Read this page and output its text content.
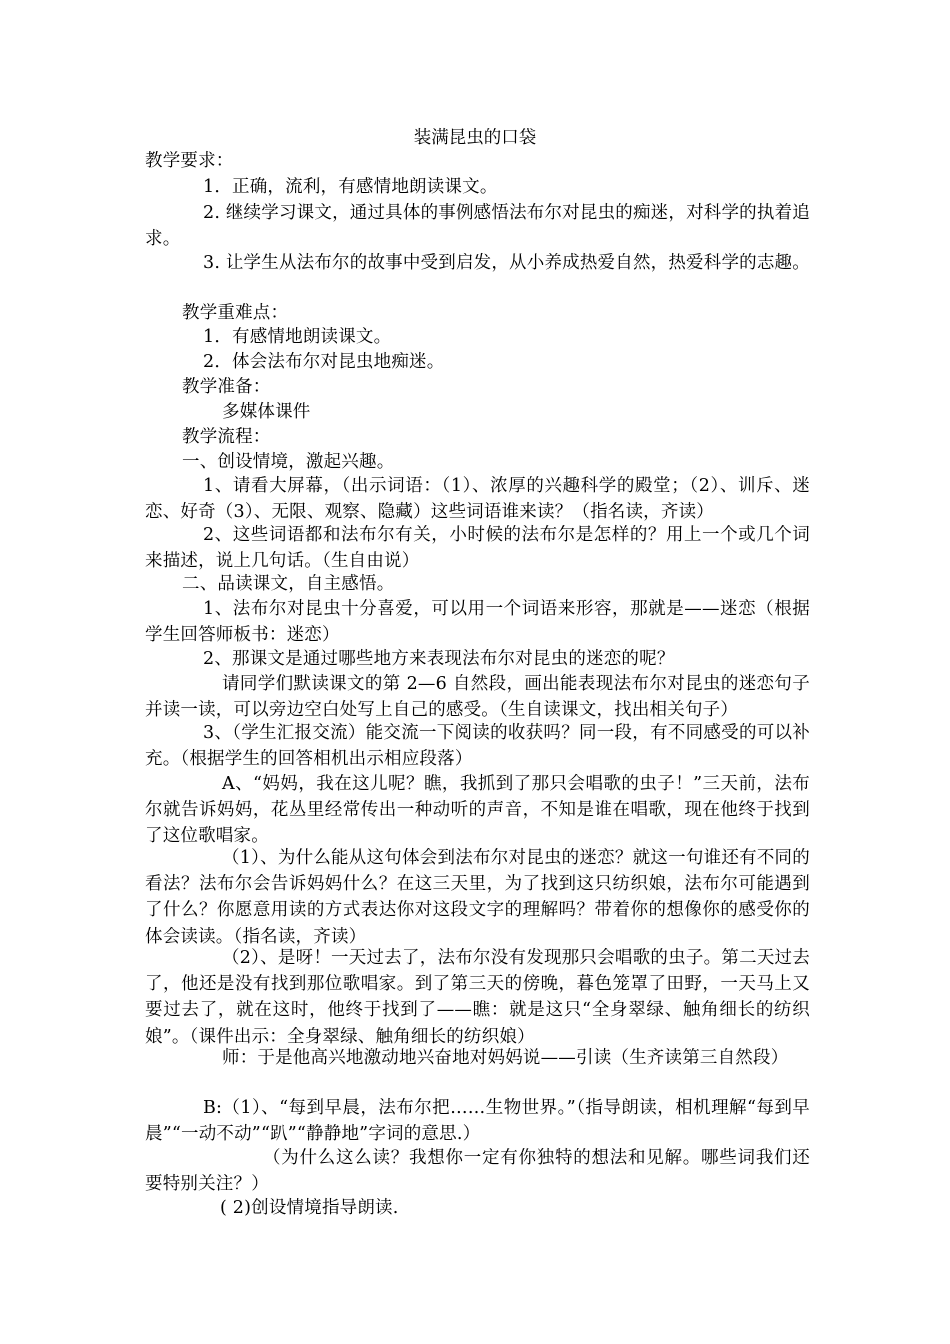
装满昆虫的口袋
教学要求：
1．正确，流利，有感情地朗读课文。
2. 继续学习课文，通过具体的事例感悟法布尔对昆虫的痴迷，对科学的执着追求。
3. 让学生从法布尔的故事中受到启发，从小养成热爱自然，热爱科学的志趣。
教学重难点：
1．有感情地朗读课文。
2．体会法布尔对昆虫地痴迷。
教学准备：
多媒体课件
教学流程：
一、创设情境，激起兴趣。
1、请看大屏幕，（出示词语：（1）、浓厚的兴趣科学的殿堂；（2）、训斥、迷恋、好奇（3）、无限、观察、隐藏）这些词语谁来读？（指名读，齐读）
2、这些词语都和法布尔有关，小时候的法布尔是怎样的？用上一个或几个词来描述，说上几句话。（生自由说）
二、品读课文，自主感悟。
1、法布尔对昆虫十分喜爱，可以用一个词语来形容，那就是——迷恋（根据学生回答师板书：迷恋）
2、那课文是通过哪些地方来表现法布尔对昆虫的迷恋的呢？
请同学们默读课文的第 2—6 自然段，画出能表现法布尔对昆虫的迷恋句子并读一读，可以旁边空白处写上自己的感受。（生自读课文，找出相关句子）
3、（学生汇报交流）能交流一下阅读的收获吗？同一段，有不同感受的可以补充。（根据学生的回答相机出示相应段落）
A、“妈妈，我在这儿呢？瞧，我抓到了那只会唱歌的虫子！”三天前，法布尔就告诉妈妈，花丛里经常传出一种动听的声音，不知是谁在唱歌，现在他终于找到了这位歌唱家。
（1）、为什么能从这句体会到法布尔对昆虫的迷恋？就这一句谁还有不同的看法？法布尔会告诉妈妈什么？在这三天里，为了找到这只纺织娘，法布尔可能遇到了什么？你愿意用读的方式表达你对这段文字的理解吗？带着你的想像你的感受你的体会读读。（指名读，齐读）
（2）、是呀！一天过去了，法布尔没有发现那只会唱歌的虫子。第二天过去了，他还是没有找到那位歌唱家。到了第三天的傍晚，暮色笼罩了田野，一天马上又要过去了，就在这时，他终于找到了——瞧：就是这只“全身翠绿、触角细长的纺织娘”。（课件出示：全身翠绿、触角细长的纺织娘）
师：于是他高兴地激动地兴奋地对妈妈说——引读（生齐读第三自然段）
B:（1）、“每到早晨，法布尔把……生物世界。”（指导朗读，相机理解“每到早晨”“一动不动”“趴”“静静地”字词的意思.）
（为什么这么读？我想你一定有你独特的想法和见解。哪些词我们还要特别关注？）
( 2)创设情境指导朗读.
